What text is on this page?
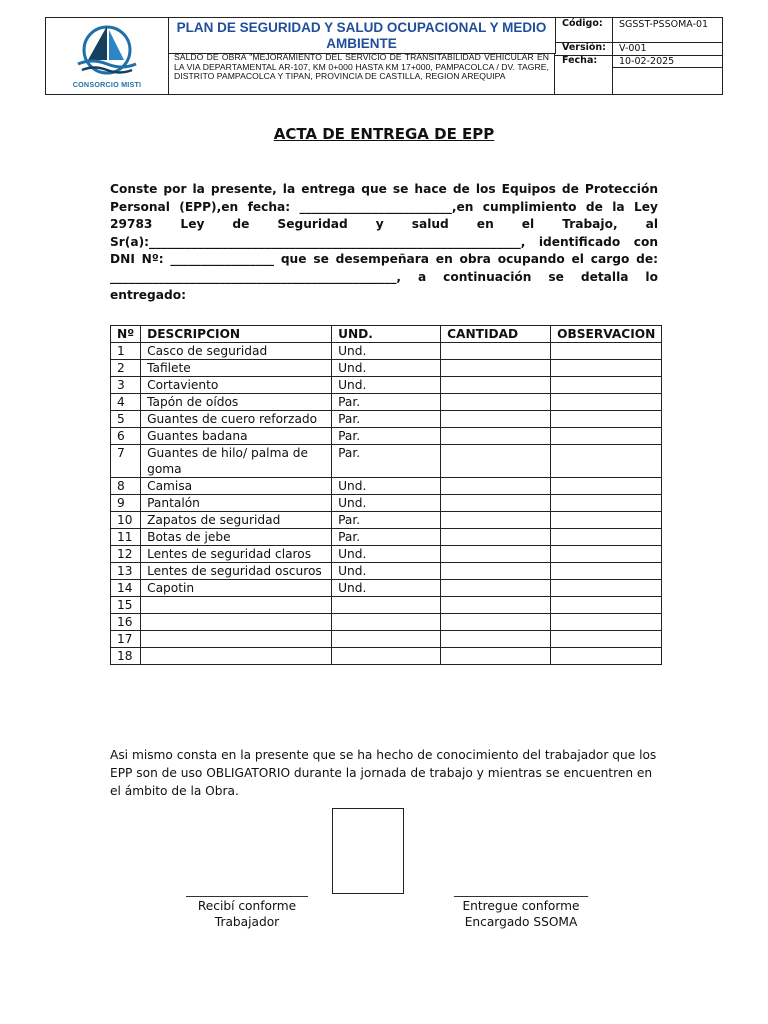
CONSORCIO MISTI
PLAN DE SEGURIDAD Y SALUD OCUPACIONAL Y MEDIO AMBIENTE
SALDO DE OBRA "MEJORAMIENTO DEL SERVICIO DE TRANSITABILIDAD VEHICULAR EN LA VIA DEPARTAMENTAL AR-107, KM 0+000 HASTA KM 17+000, PAMPACOLCA / DV. TAGRE, DISTRITO PAMPACOLCA Y TIPAN, PROVINCIA DE CASTILLA, REGION AREQUIPA
Código:	SGSST-PSSOMA-01
Versión:	V-001
Fecha:	10-02-2025
ACTA DE ENTREGA DE EPP
Conste por la presente, la entrega que se hace de los Equipos de Protección Personal (EPP),en fecha: _________________________,en cumplimiento de la Ley 29783 Ley de Seguridad y salud en el Trabajo, al Sr(a):_____________________________________________________________, identificado con DNI Nº: _________________ que se desempeñara en obra ocupando el cargo de: _______________________________________________, a continuación se detalla lo entregado:
Nº	DESCRIPCION	UND.	CANTIDAD	OBSERVACION
1	Casco de seguridad	Und.		
2	Tafilete	Und.		
3	Cortaviento	Und.		
4	Tapón de oídos	Par.		
5	Guantes de cuero reforzado	Par.		
6	Guantes badana	Par.		
7	Guantes de hilo/ palma de goma	Par.		
8	Camisa	Und.		
9	Pantalón	Und.		
10	Zapatos de seguridad	Par.		
11	Botas de jebe	Par.		
12	Lentes de seguridad claros	Und.		
13	Lentes de seguridad oscuros	Und.		
14	Capotin	Und.		
15				
16				
17				
18				
Asi mismo consta en la presente que se ha hecho de conocimiento del trabajador que los EPP son de uso OBLIGATORIO durante la jornada de trabajo y mientras se encuentren en el ámbito de la Obra.
____________________
Recibí conforme
Trabajador
______________________
Entregue conforme
Encargado SSOMA
